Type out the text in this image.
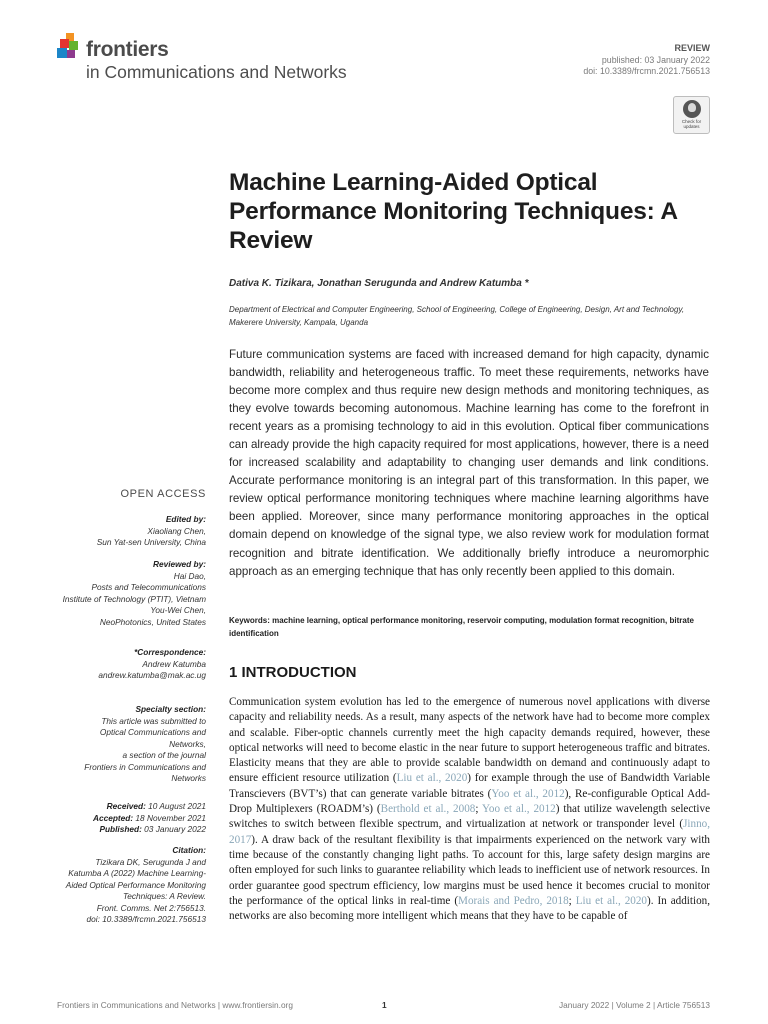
frontiers
in Communications and Networks
REVIEW
published: 03 January 2022
doi: 10.3389/frcmn.2021.756513
Check for
updates
Machine Learning-Aided Optical Performance Monitoring Techniques: A Review
Dativa K. Tizikara, Jonathan Serugunda and Andrew Katumba *
Department of Electrical and Computer Engineering, School of Engineering, College of Engineering, Design, Art and Technology, Makerere University, Kampala, Uganda

Future communication systems are faced with increased demand for high capacity, dynamic bandwidth, reliability and heterogeneous traffic. To meet these requirements, networks have become more complex and thus require new design methods and monitoring techniques, as they evolve towards becoming autonomous. Machine learning has come to the forefront in recent years as a promising technology to aid in this evolution. Optical fiber communications can already provide the high capacity required for most applications, however, there is a need for increased scalability and adaptability to changing user demands and link conditions. Accurate performance monitoring is an integral part of this transformation. In this paper, we review optical performance monitoring techniques where machine learning algorithms have been applied. Moreover, since many performance monitoring approaches in the optical domain depend on knowledge of the signal type, we also review work for modulation format recognition and bitrate identification. We additionally briefly introduce a neuromorphic approach as an emerging technique that has only recently been applied to this domain.

Keywords: machine learning, optical performance monitoring, reservoir computing, modulation format recognition, bitrate identification
1 INTRODUCTION

Communication system evolution has led to the emergence of numerous novel applications with diverse capacity and reliability needs. As a result, many aspects of the network have had to become more complex and scalable. Fiber-optic channels currently meet the high capacity demands required, however, these optical networks will need to become elastic in the near future to support heterogeneous traffic and bitrates. Elasticity means that they are able to provide scalable bandwidth on demand and continuously adapt to ensure efficient resource utilization (Liu et al., 2020) for example through the use of Bandwidth Variable Transcievers (BVT’s) that can generate variable bitrates (Yoo et al., 2012), Re-configurable Optical Add-Drop Multiplexers (ROADM’s) (Berthold et al., 2008; Yoo et al., 2012) that utilize wavelength selective switches to switch between flexible spectrum, and virtualization at network or transponder level (Jinno, 2017). A draw back of the resultant flexibility is that impairments experienced on the network vary with time because of the constantly changing light paths. To account for this, large safety design margins are often employed for such links to guarantee reliability which leads to inefficient use of network resources. In order guarantee good spectrum efficiency, low margins must be used hence it becomes crucial to monitor the performance of the optical links in real-time (Morais and Pedro, 2018; Liu et al., 2020). In addition, networks are also becoming more intelligent which means that they have to be capable of

OPEN ACCESS
Edited by:
Xiaoliang Chen,
Sun Yat-sen University, China
Reviewed by:
Hai Dao,
Posts and Telecommunications
Institute of Technology (PTIT), Vietnam
You-Wei Chen,
NeoPhotonics, United States
*Correspondence:
Andrew Katumba
andrew.katumba@mak.ac.ug
Specialty section:
This article was submitted to
Optical Communications and
Networks,
a section of the journal
Frontiers in Communications and
Networks
Received: 10 August 2021
Accepted: 18 November 2021
Published: 03 January 2022
Citation:
Tizikara DK, Serugunda J and
Katumba A (2022) Machine Learning-
Aided Optical Performance Monitoring
Techniques: A Review.
Front. Comms. Net 2:756513.
doi: 10.3389/frcmn.2021.756513
Frontiers in Communications and Networks | www.frontiersin.org	1	January 2022 | Volume 2 | Article 756513
